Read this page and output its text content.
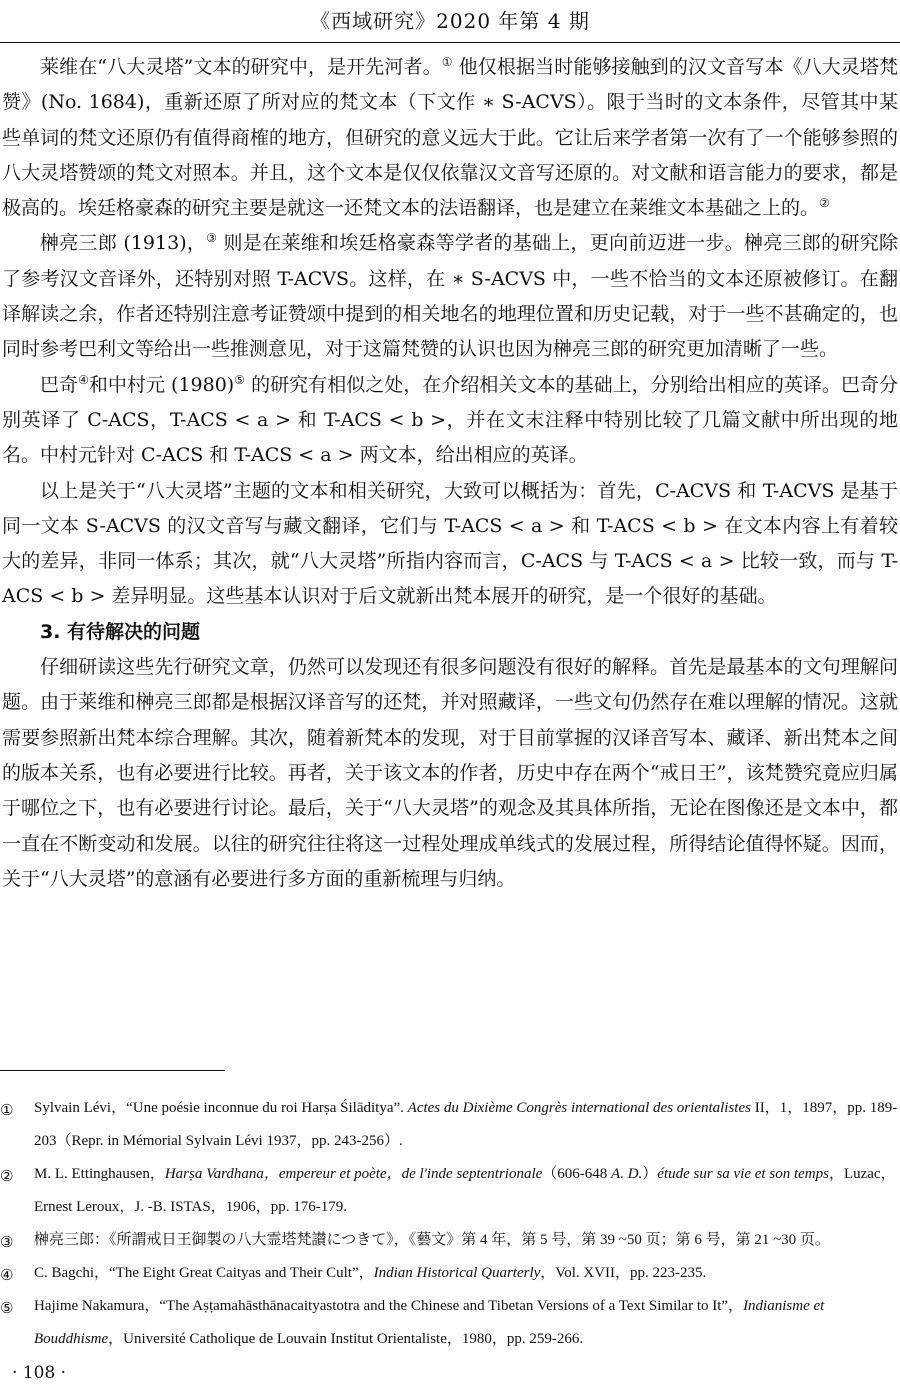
《西域研究》2020 年第 4 期

莱维在“八大灵塔”文本的研究中，是开先河者。① 他仅根据当时能够接触到的汉文音写本《八大灵塔梵赞》(No. 1684)，重新还原了所对应的梵文本（下文作 ∗ S-ACVS）。限于当时的文本条件，尽管其中某些单词的梵文还原仍有值得商榷的地方，但研究的意义远大于此。它让后来学者第一次有了一个能够参照的八大灵塔赞颂的梵文对照本。并且，这个文本是仅仅依靠汉文音写还原的。对文献和语言能力的要求，都是极高的。埃廷格豪森的研究主要是就这一还梵文本的法语翻译，也是建立在莱维文本基础之上的。②

榊亮三郎 (1913)，③ 则是在莱维和埃廷格豪森等学者的基础上，更向前迈进一步。榊亮三郎的研究除了参考汉文音译外，还特别对照 T-ACVS。这样，在 ∗ S-ACVS 中，一些不恰当的文本还原被修订。在翻译解读之余，作者还特别注意考证赞颂中提到的相关地名的地理位置和历史记载，对于一些不甚确定的，也同时参考巴利文等给出一些推测意见，对于这篇梵赞的认识也因为榊亮三郎的研究更加清晰了一些。

巴奇④和中村元 (1980)⑤ 的研究有相似之处，在介绍相关文本的基础上，分别给出相应的英译。巴奇分别英译了 C-ACS，T-ACS < a > 和 T-ACS < b >，并在文末注释中特别比较了几篇文献中所出现的地名。中村元针对 C-ACS 和 T-ACS < a > 两文本，给出相应的英译。

以上是关于“八大灵塔”主题的文本和相关研究，大致可以概括为：首先，C-ACVS 和 T-ACVS 是基于同一文本 S-ACVS 的汉文音写与藏文翻译，它们与 T-ACS < a > 和 T-ACS < b > 在文本内容上有着较大的差异，非同一体系；其次，就“八大灵塔”所指内容而言，C-ACS 与 T-ACS < a > 比较一致，而与 T-ACS < b > 差异明显。这些基本认识对于后文就新出梵本展开的研究，是一个很好的基础。

3. 有待解决的问题

仔细研读这些先行研究文章，仍然可以发现还有很多问题没有很好的解释。首先是最基本的文句理解问题。由于莱维和榊亮三郎都是根据汉译音写的还梵，并对照藏译，一些文句仍然存在难以理解的情况。这就需要参照新出梵本综合理解。其次，随着新梵本的发现，对于目前掌握的汉译音写本、藏译、新出梵本之间的版本关系，也有必要进行比较。再者，关于该文本的作者，历史中存在两个“戒日王”，该梵赞究竟应归属于哪位之下，也有必要进行讨论。最后，关于“八大灵塔”的观念及其具体所指，无论在图像还是文本中，都一直在不断变动和发展。以往的研究往往将这一过程处理成单线式的发展过程，所得结论值得怀疑。因而，关于“八大灵塔”的意涵有必要进行多方面的重新梳理与归纳。

① Sylvain Lévi，“Une poésie inconnue du roi Harṣa Śilāditya”. Actes du Dixième Congrès international des orientalistes II，1，1897，pp. 189-203（Repr. in Mémorial Sylvain Lévi 1937，pp. 243-256）.
② M. L. Ettinghausen，Harṣa Vardhana，empereur et poète，de l'inde septentrionale（606-648 A. D.）étude sur sa vie et son temps，Luzac，Ernest Leroux，J. -B. ISTAS，1906，pp. 176-179.
③ 榊亮三郎：《所謂戒日王御製の八大霊塔梵讃につきて》，《藝文》第 4 年，第 5 号，第 39 ~50 页；第 6 号，第 21 ~30 页。
④ C. Bagchi，“The Eight Great Caityas and Their Cult”，Indian Historical Quarterly，Vol. XVII，pp. 223-235.
⑤ Hajime Nakamura，“The Aṣṭamahāsthānacaityastotra and the Chinese and Tibetan Versions of a Text Similar to It”，Indianisme et Bouddhisme，Université Catholique de Louvain Institut Orientaliste，1980，pp. 259-266.
· 108 ·
